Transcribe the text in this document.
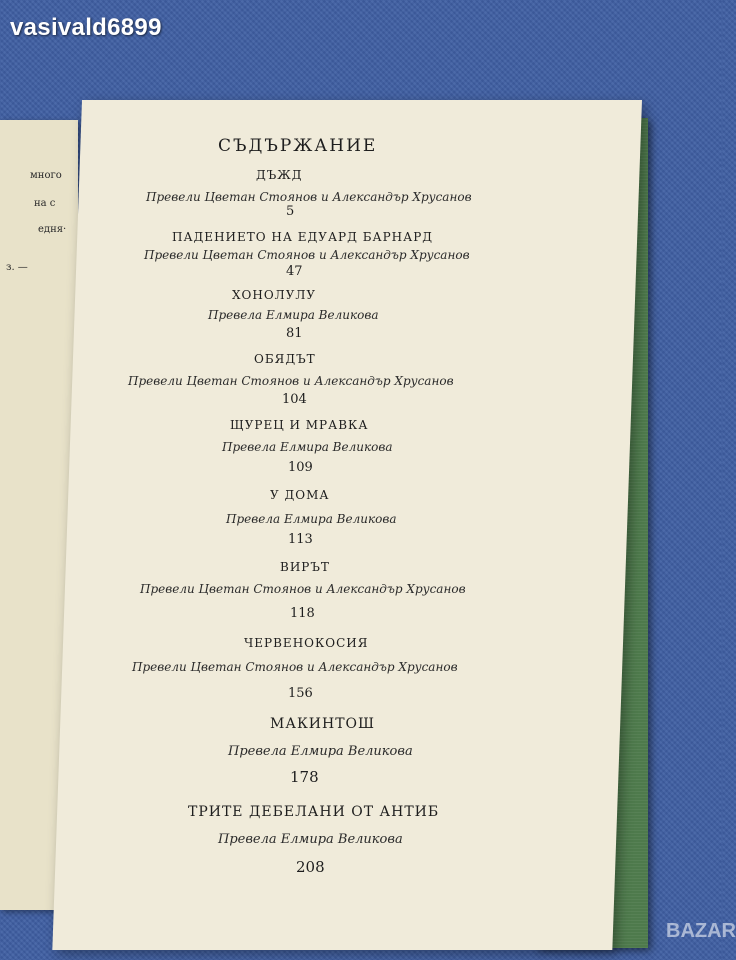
vasivald6899
много
на с
едня·
з. —
СЪДЪРЖАНИЕ
ДЪЖД
Превели Цветан Стоянов и Александър Хрусанов
5
ПАДЕНИЕТО НА ЕДУАРД БАРНАРД
Превели Цветан Стоянов и Александър Хрусанов
47
ХОНОЛУЛУ
Превела Елмира Великова
81
ОБЯДЪТ
Превели Цветан Стоянов и Александър Хрусанов
104
ЩУРЕЦ И МРАВКА
Превела Елмира Великова
109
У ДОМА
Превела Елмира Великова
113
ВИРЪТ
Превели Цветан Стоянов и Александър Хрусанов
118
ЧЕРВЕНОКОСИЯ
Превели Цветан Стоянов и Александър Хрусанов
156
МАКИНТОШ
Превела Елмира Великова
178
ТРИТЕ ДЕБЕЛАНИ ОТ АНТИБ
Превела Елмира Великова
208
BAZAR
